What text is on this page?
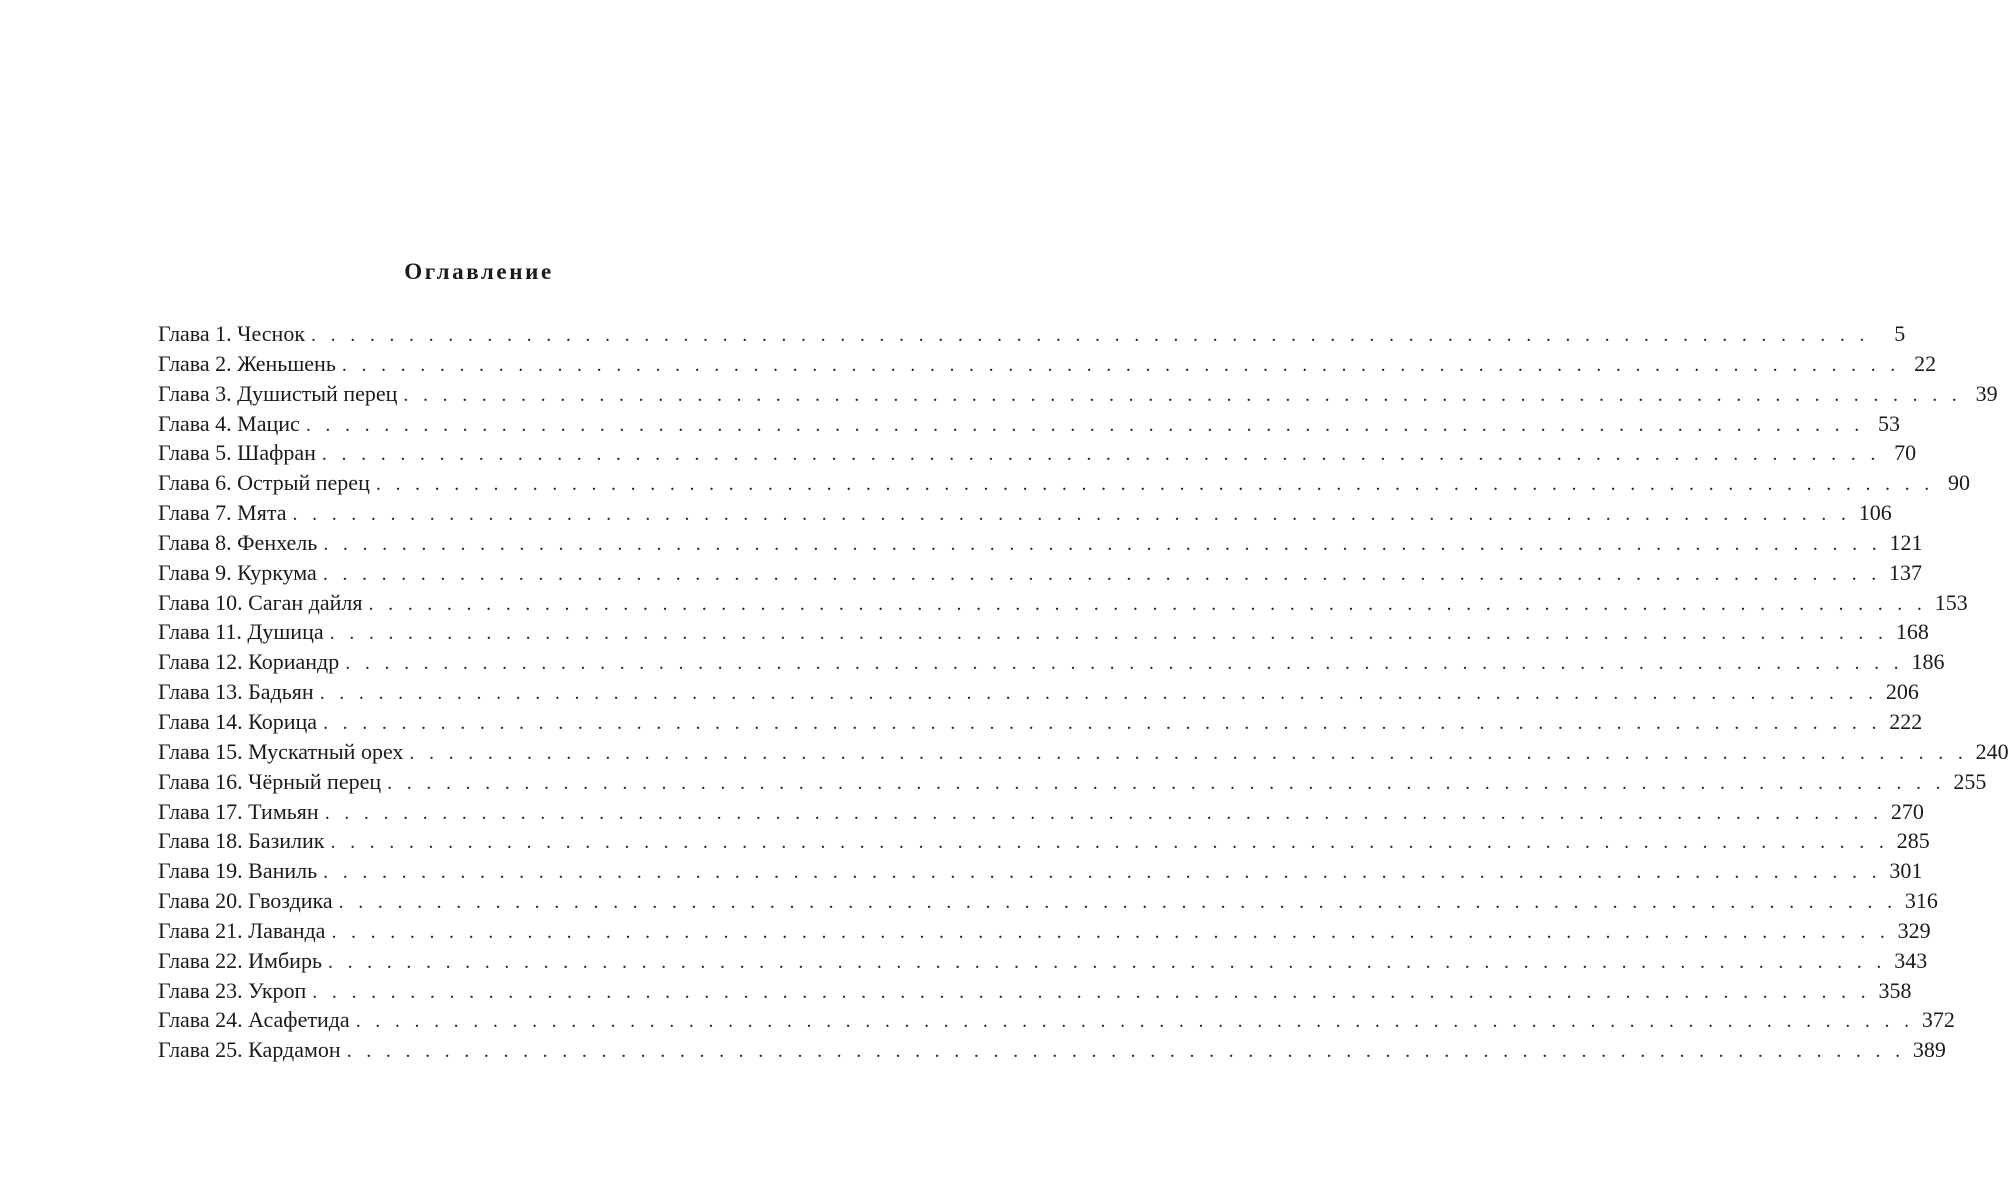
Оглавление
Глава 1. Чеснок . . . . . . . . . . . . . . . . . . . . . . . . . . . . . . . . . . . . . . . . . . . . . . . . . . . . . . . . . . . . . . . . . . . . . . . . . . . . . . . .	5
Глава 2. Женьшень . . . . . . . . . . . . . . . . . . . . . . . . . . . . . . . . . . . . . . . . . . . . . . . . . . . . . . . . . . . . . . . . . . . . . . . . . . . . . . . . 22
Глава 3. Душистый перец . . . . . . . . . . . . . . . . . . . . . . . . . . . . . . . . . . . . . . . . . . . . . . . . . . . . . . . . . . . . . . . . . . . . . . . . . . . . . . . . 39
Глава 4. Мацис . . . . . . . . . . . . . . . . . . . . . . . . . . . . . . . . . . . . . . . . . . . . . . . . . . . . . . . . . . . . . . . . . . . . . . . . . . . . . . . . 53
Глава 5. Шафран . . . . . . . . . . . . . . . . . . . . . . . . . . . . . . . . . . . . . . . . . . . . . . . . . . . . . . . . . . . . . . . . . . . . . . . . . . . . . . . . 70
Глава 6. Острый перец . . . . . . . . . . . . . . . . . . . . . . . . . . . . . . . . . . . . . . . . . . . . . . . . . . . . . . . . . . . . . . . . . . . . . . . . . . . . . . . . 90
Глава 7. Мята . . . . . . . . . . . . . . . . . . . . . . . . . . . . . . . . . . . . . . . . . . . . . . . . . . . . . . . . . . . . . . . . . . . . . . . . . . . . . . . . 106
Глава 8. Фенхель . . . . . . . . . . . . . . . . . . . . . . . . . . . . . . . . . . . . . . . . . . . . . . . . . . . . . . . . . . . . . . . . . . . . . . . . . . . . . . . . 121
Глава 9. Куркума . . . . . . . . . . . . . . . . . . . . . . . . . . . . . . . . . . . . . . . . . . . . . . . . . . . . . . . . . . . . . . . . . . . . . . . . . . . . . . . . 137
Глава 10. Саган дайля . . . . . . . . . . . . . . . . . . . . . . . . . . . . . . . . . . . . . . . . . . . . . . . . . . . . . . . . . . . . . . . . . . . . . . . . . . . . . . . . 153
Глава 11. Душица . . . . . . . . . . . . . . . . . . . . . . . . . . . . . . . . . . . . . . . . . . . . . . . . . . . . . . . . . . . . . . . . . . . . . . . . . . . . . . . . 168
Глава 12. Кориандр . . . . . . . . . . . . . . . . . . . . . . . . . . . . . . . . . . . . . . . . . . . . . . . . . . . . . . . . . . . . . . . . . . . . . . . . . . . . . . . . 186
Глава 13. Бадьян . . . . . . . . . . . . . . . . . . . . . . . . . . . . . . . . . . . . . . . . . . . . . . . . . . . . . . . . . . . . . . . . . . . . . . . . . . . . . . . . 206
Глава 14. Корица . . . . . . . . . . . . . . . . . . . . . . . . . . . . . . . . . . . . . . . . . . . . . . . . . . . . . . . . . . . . . . . . . . . . . . . . . . . . . . . . 222
Глава 15. Мускатный орех . . . . . . . . . . . . . . . . . . . . . . . . . . . . . . . . . . . . . . . . . . . . . . . . . . . . . . . . . . . . . . . . . . . . . . . . . . . . . . . . 240
Глава 16. Чёрный перец . . . . . . . . . . . . . . . . . . . . . . . . . . . . . . . . . . . . . . . . . . . . . . . . . . . . . . . . . . . . . . . . . . . . . . . . . . . . . . . . 255
Глава 17. Тимьян . . . . . . . . . . . . . . . . . . . . . . . . . . . . . . . . . . . . . . . . . . . . . . . . . . . . . . . . . . . . . . . . . . . . . . . . . . . . . . . . 270
Глава 18. Базилик . . . . . . . . . . . . . . . . . . . . . . . . . . . . . . . . . . . . . . . . . . . . . . . . . . . . . . . . . . . . . . . . . . . . . . . . . . . . . . . . 285
Глава 19. Ваниль . . . . . . . . . . . . . . . . . . . . . . . . . . . . . . . . . . . . . . . . . . . . . . . . . . . . . . . . . . . . . . . . . . . . . . . . . . . . . . . . 301
Глава 20. Гвоздика . . . . . . . . . . . . . . . . . . . . . . . . . . . . . . . . . . . . . . . . . . . . . . . . . . . . . . . . . . . . . . . . . . . . . . . . . . . . . . . . 316
Глава 21. Лаванда . . . . . . . . . . . . . . . . . . . . . . . . . . . . . . . . . . . . . . . . . . . . . . . . . . . . . . . . . . . . . . . . . . . . . . . . . . . . . . . . 329
Глава 22. Имбирь . . . . . . . . . . . . . . . . . . . . . . . . . . . . . . . . . . . . . . . . . . . . . . . . . . . . . . . . . . . . . . . . . . . . . . . . . . . . . . . . 343
Глава 23. Укроп . . . . . . . . . . . . . . . . . . . . . . . . . . . . . . . . . . . . . . . . . . . . . . . . . . . . . . . . . . . . . . . . . . . . . . . . . . . . . . . . 358
Глава 24. Асафетида . . . . . . . . . . . . . . . . . . . . . . . . . . . . . . . . . . . . . . . . . . . . . . . . . . . . . . . . . . . . . . . . . . . . . . . . . . . . . . . . 372
Глава 25. Кардамон . . . . . . . . . . . . . . . . . . . . . . . . . . . . . . . . . . . . . . . . . . . . . . . . . . . . . . . . . . . . . . . . . . . . . . . . . . . . . . . . 389
